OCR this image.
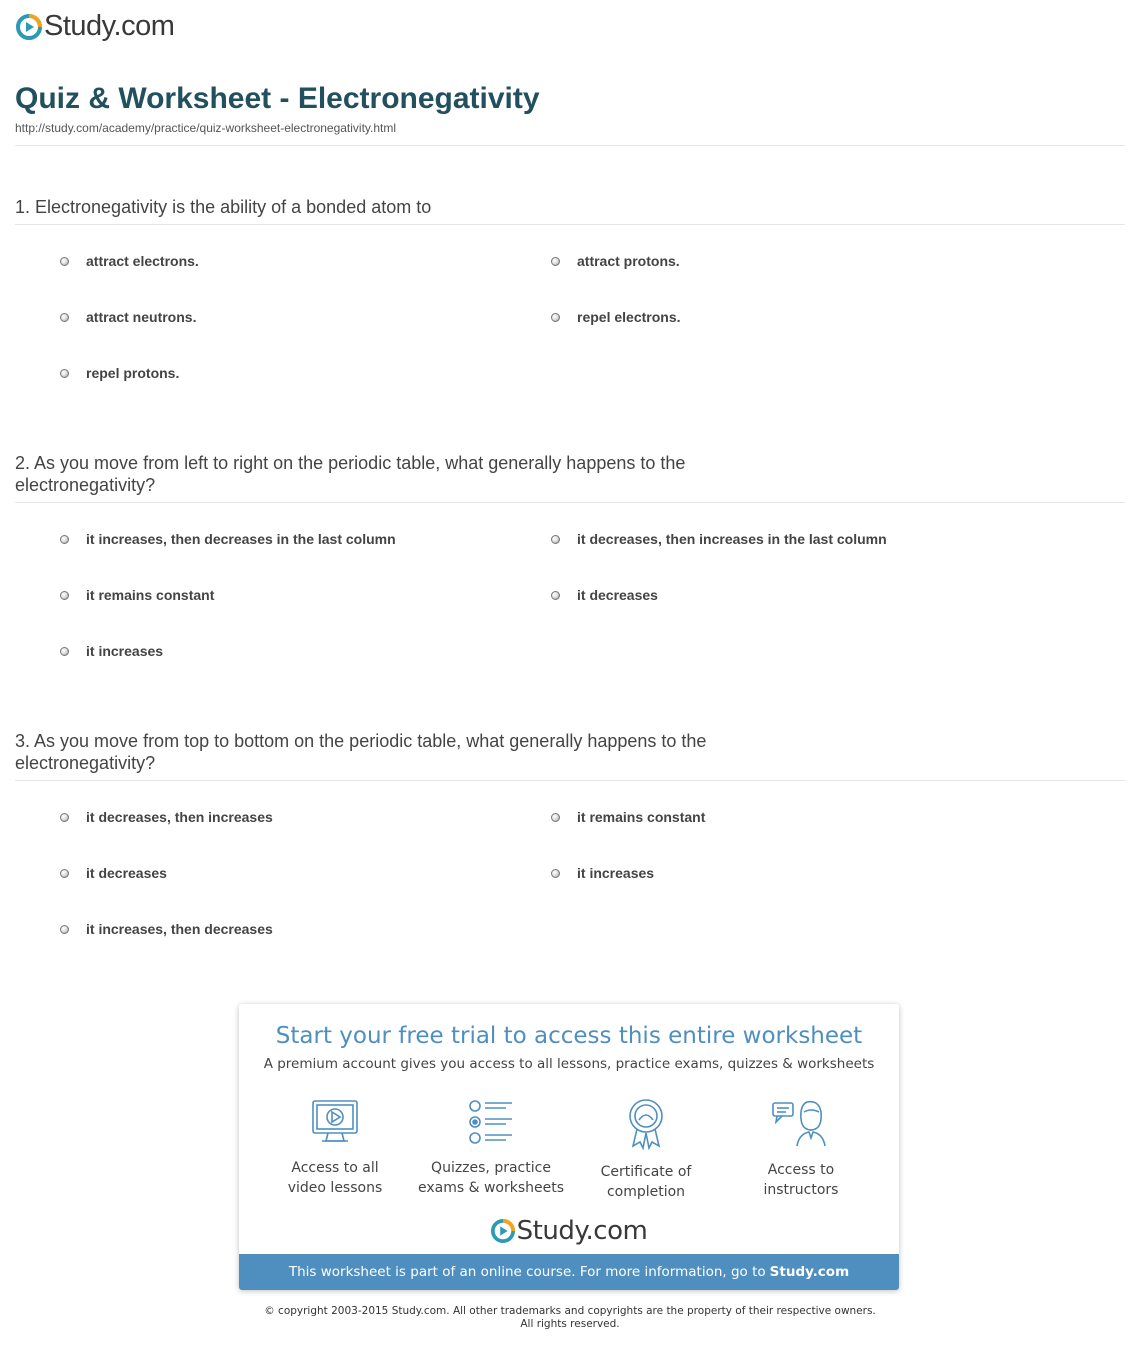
Study.com
Quiz & Worksheet - Electronegativity
http://study.com/academy/practice/quiz-worksheet-electronegativity.html
1. Electronegativity is the ability of a bonded atom to
attract electrons.	attract protons.
attract neutrons.	repel electrons.
repel protons.
2. As you move from left to right on the periodic table, what generally happens to the electronegativity?
it increases, then decreases in the last column	it decreases, then increases in the last column
it remains constant	it decreases
it increases
3. As you move from top to bottom on the periodic table, what generally happens to the electronegativity?
it decreases, then increases	it remains constant
it decreases	it increases
it increases, then decreases
Start your free trial to access this entire worksheet
A premium account gives you access to all lessons, practice exams, quizzes & worksheets
Access to all
video lessons
Quizzes, practice
exams & worksheets
Certificate of
completion
Access to
instructors
Study.com
This worksheet is part of an online course. For more information, go to Study.com
© copyright 2003-2015 Study.com. All other trademarks and copyrights are the property of their respective owners.
All rights reserved.
